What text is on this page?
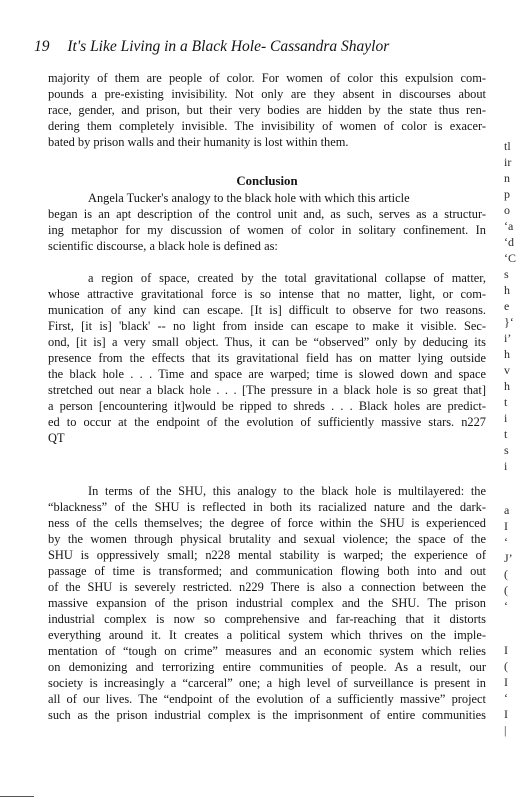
19 It's Like Living in a Black Hole- Cassandra Shaylor
majority of them are people of color. For women of color this expulsion com-
pounds a pre-existing invisibility. Not only are they absent in discourses about
race, gender, and prison, but their very bodies are hidden by the state thus ren-
dering them completely invisible. The invisibility of women of color is exacer-
bated by prison walls and their humanity is lost within them.
Conclusion
Angela Tucker's analogy to the black hole with which this article
began is an apt description of the control unit and, as such, serves as a structur-
ing metaphor for my discussion of women of color in solitary confinement. In
scientific discourse, a black hole is defined as:
a region of space, created by the total gravitational collapse of matter,
whose attractive gravitational force is so intense that no matter, light, or com-
munication of any kind can escape. [It is] difficult to observe for two reasons.
First, [it is] 'black' -- no light from inside can escape to make it visible. Sec-
ond, [it is] a very small object. Thus, it can be “observed” only by deducing its
presence from the effects that its gravitational field has on matter lying outside
the black hole . . . Time and space are warped; time is slowed down and space
stretched out near a black hole . . . [The pressure in a black hole is so great that]
a person [encountering it]would be ripped to shreds . . . Black holes are predict-
ed to occur at the endpoint of the evolution of sufficiently massive stars. n227
QT
In terms of the SHU, this analogy to the black hole is multilayered: the
“blackness” of the SHU is reflected in both its racialized nature and the dark-
ness of the cells themselves; the degree of force within the SHU is experienced
by the women through physical brutality and sexual violence; the space of the
SHU is oppressively small; n228 mental stability is warped; the experience of
passage of time is transformed; and communication flowing both into and out
of the SHU is severely restricted. n229 There is also a connection between the
massive expansion of the prison industrial complex and the SHU. The prison
industrial complex is now so comprehensive and far-reaching that it distorts
everything around it. It creates a political system which thrives on the imple-
mentation of “tough on crime” measures and an economic system which relies
on demonizing and terrorizing entire communities of people. As a result, our
society is increasingly a “carceral” one; a high level of surveillance is present in
all of our lives. The “endpoint of the evolution of a sufficiently massive” project
such as the prison industrial complex is the imprisonment of entire communities
tl
ir
n
p
o
‘a
‘d
‘C
s
h
e
}‘
i’
h
v
h
t
i
t
s
i
a
I
‘
J’
(
(
‘
I
(
I
‘
I
|
